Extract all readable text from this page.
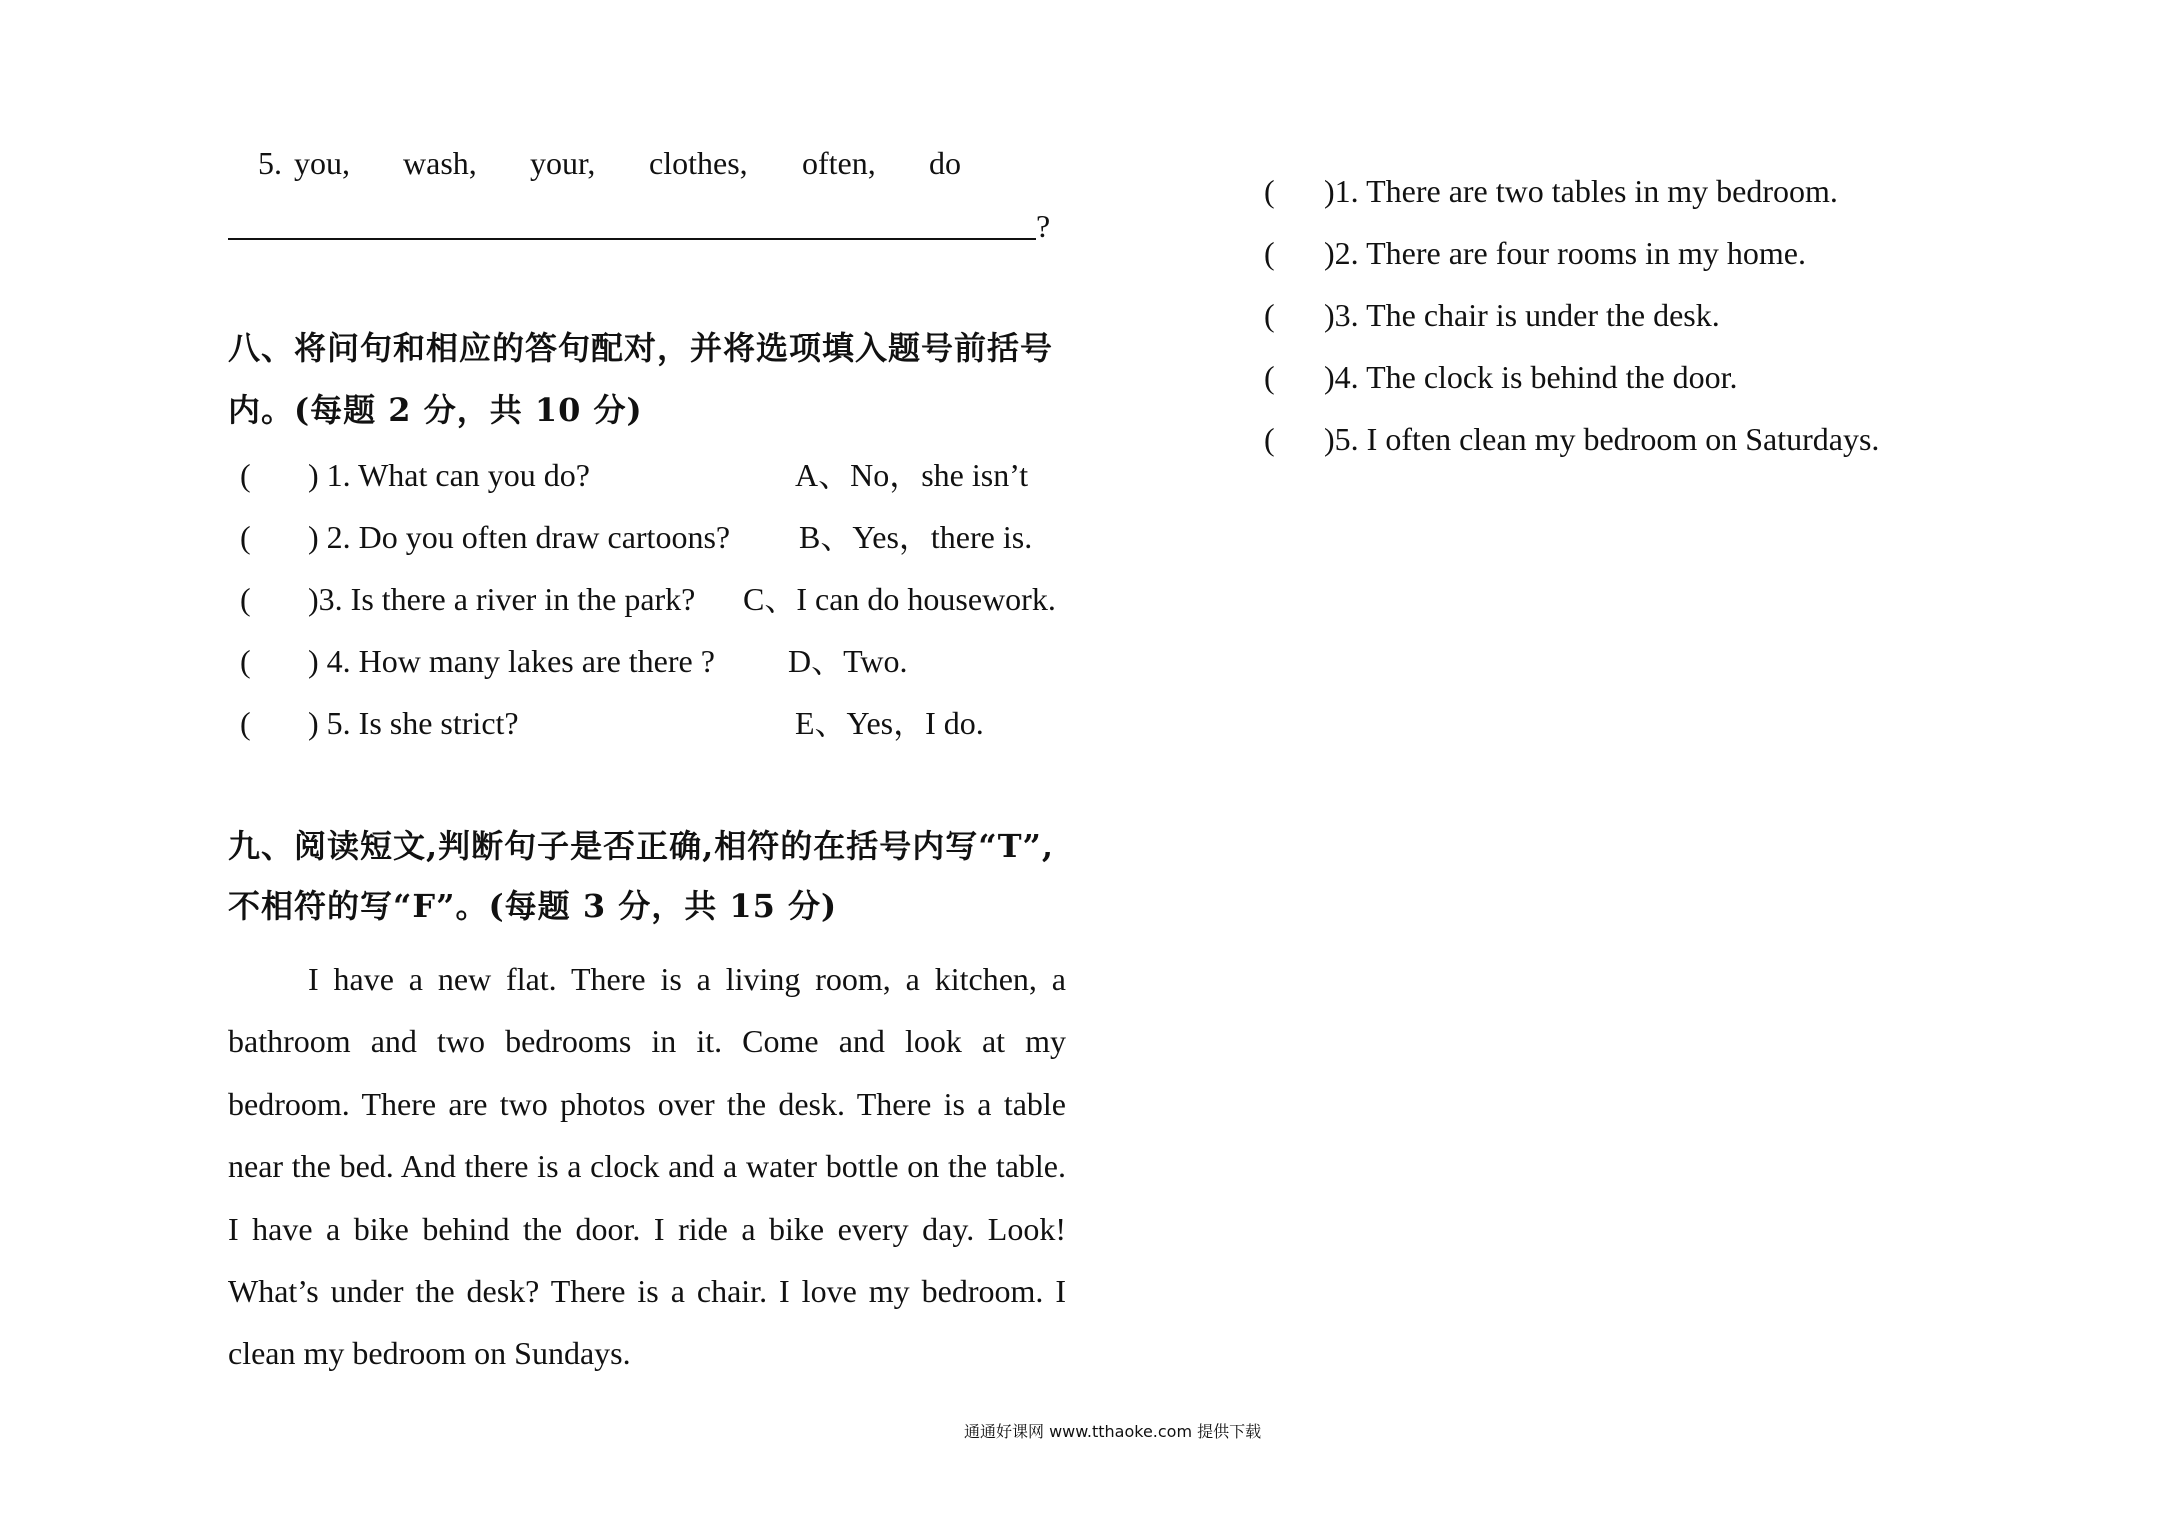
5. you, wash, your, clothes, often, do
?
八、将问句和相应的答句配对，并将选项填入题号前括号
内。(每题 2 分，共 10 分)
( ) 1. What can you do?	A、No，she isn’t
( ) 2. Do you often draw cartoons? B、Yes，there is.
( )3. Is there a river in the park? C、I can do housework.
( ) 4. How many lakes are there ? D、Two.
( ) 5. Is she strict?	E、Yes，I do.
九、阅读短文,判断句子是否正确,相符的在括号内写“T”,
不相符的写“F”。(每题 3 分，共 15 分)

I have a new flat. There is a living room, a kitchen, a bathroom and two bedrooms in it. Come and look at my bedroom. There are two photos over the desk. There is a table near the bed. And there is a clock and a water bottle on the table. I have a bike behind the door. I ride a bike every day. Look! What’s under the desk? There is a chair. I love my bedroom. I clean my bedroom on Sundays.

( )1. There are two tables in my bedroom.
( )2. There are four rooms in my home.
( )3. The chair is under the desk.
( )4. The clock is behind the door.
( )5. I often clean my bedroom on Saturdays.
通通好课网 www.tthaoke.com 提供下载
